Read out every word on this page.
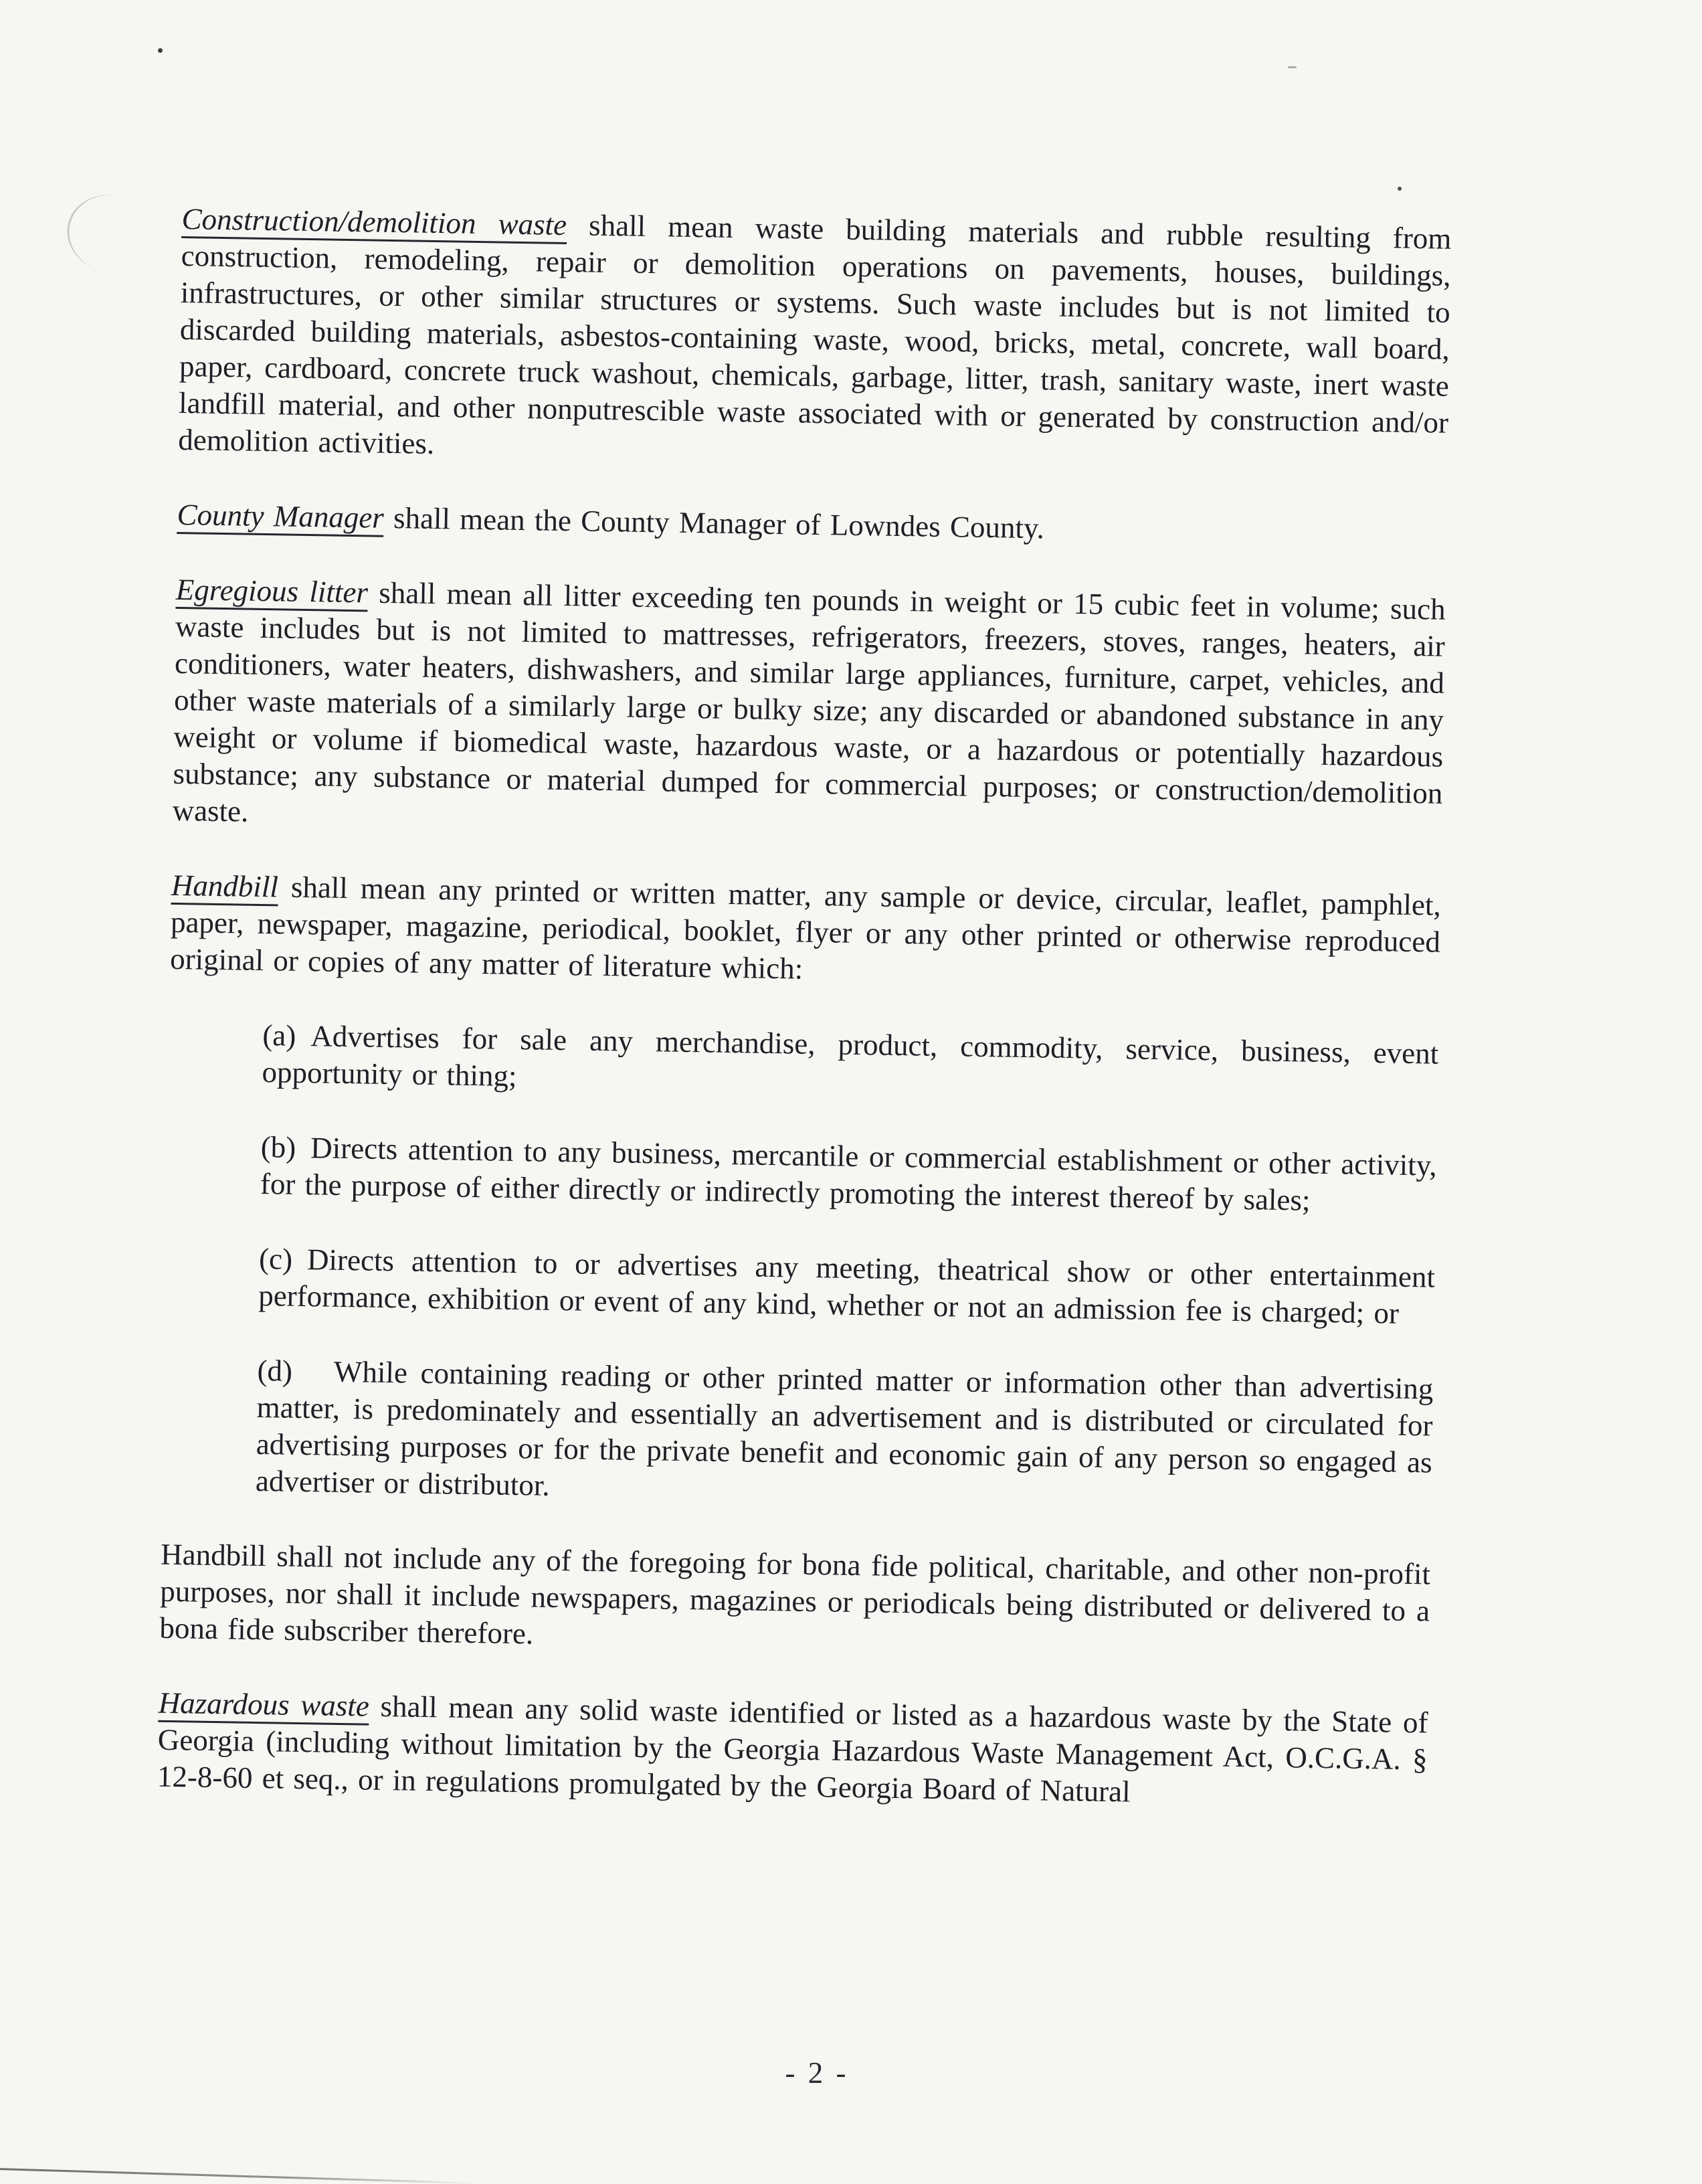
Construction/demolition waste shall mean waste building materials and rubble resulting from construction, remodeling, repair or demolition operations on pavements, houses, buildings, infrastructures, or other similar structures or systems. Such waste includes but is not limited to discarded building materials, asbestos-containing waste, wood, bricks, metal, concrete, wall board, paper, cardboard, concrete truck washout, chemicals, garbage, litter, trash, sanitary waste, inert waste landfill material, and other nonputrescible waste associated with or generated by construction and/or demolition activities.

County Manager shall mean the County Manager of Lowndes County.

Egregious litter shall mean all litter exceeding ten pounds in weight or 15 cubic feet in volume; such waste includes but is not limited to mattresses, refrigerators, freezers, stoves, ranges, heaters, air conditioners, water heaters, dishwashers, and similar large appliances, furniture, carpet, vehicles, and other waste materials of a similarly large or bulky size; any discarded or abandoned substance in any weight or volume if biomedical waste, hazardous waste, or a hazardous or potentially hazardous substance; any substance or material dumped for commercial purposes; or construction/demolition waste.

Handbill shall mean any printed or written matter, any sample or device, circular, leaflet, pamphlet, paper, newspaper, magazine, periodical, booklet, flyer or any other printed or otherwise reproduced original or copies of any matter of literature which:

(a) Advertises for sale any merchandise, product, commodity, service, business, event opportunity or thing;

(b) Directs attention to any business, mercantile or commercial establishment or other activity, for the purpose of either directly or indirectly promoting the interest thereof by sales;

(c) Directs attention to or advertises any meeting, theatrical show or other entertainment performance, exhibition or event of any kind, whether or not an admission fee is charged; or

(d) While containing reading or other printed matter or information other than advertising matter, is predominately and essentially an advertisement and is distributed or circulated for advertising purposes or for the private benefit and economic gain of any person so engaged as advertiser or distributor.

Handbill shall not include any of the foregoing for bona fide political, charitable, and other non-profit purposes, nor shall it include newspapers, magazines or periodicals being distributed or delivered to a bona fide subscriber therefore.

Hazardous waste shall mean any solid waste identified or listed as a hazardous waste by the State of Georgia (including without limitation by the Georgia Hazardous Waste Management Act, O.C.G.A. § 12-8-60 et seq., or in regulations promulgated by the Georgia Board of Natural

- 2 -
